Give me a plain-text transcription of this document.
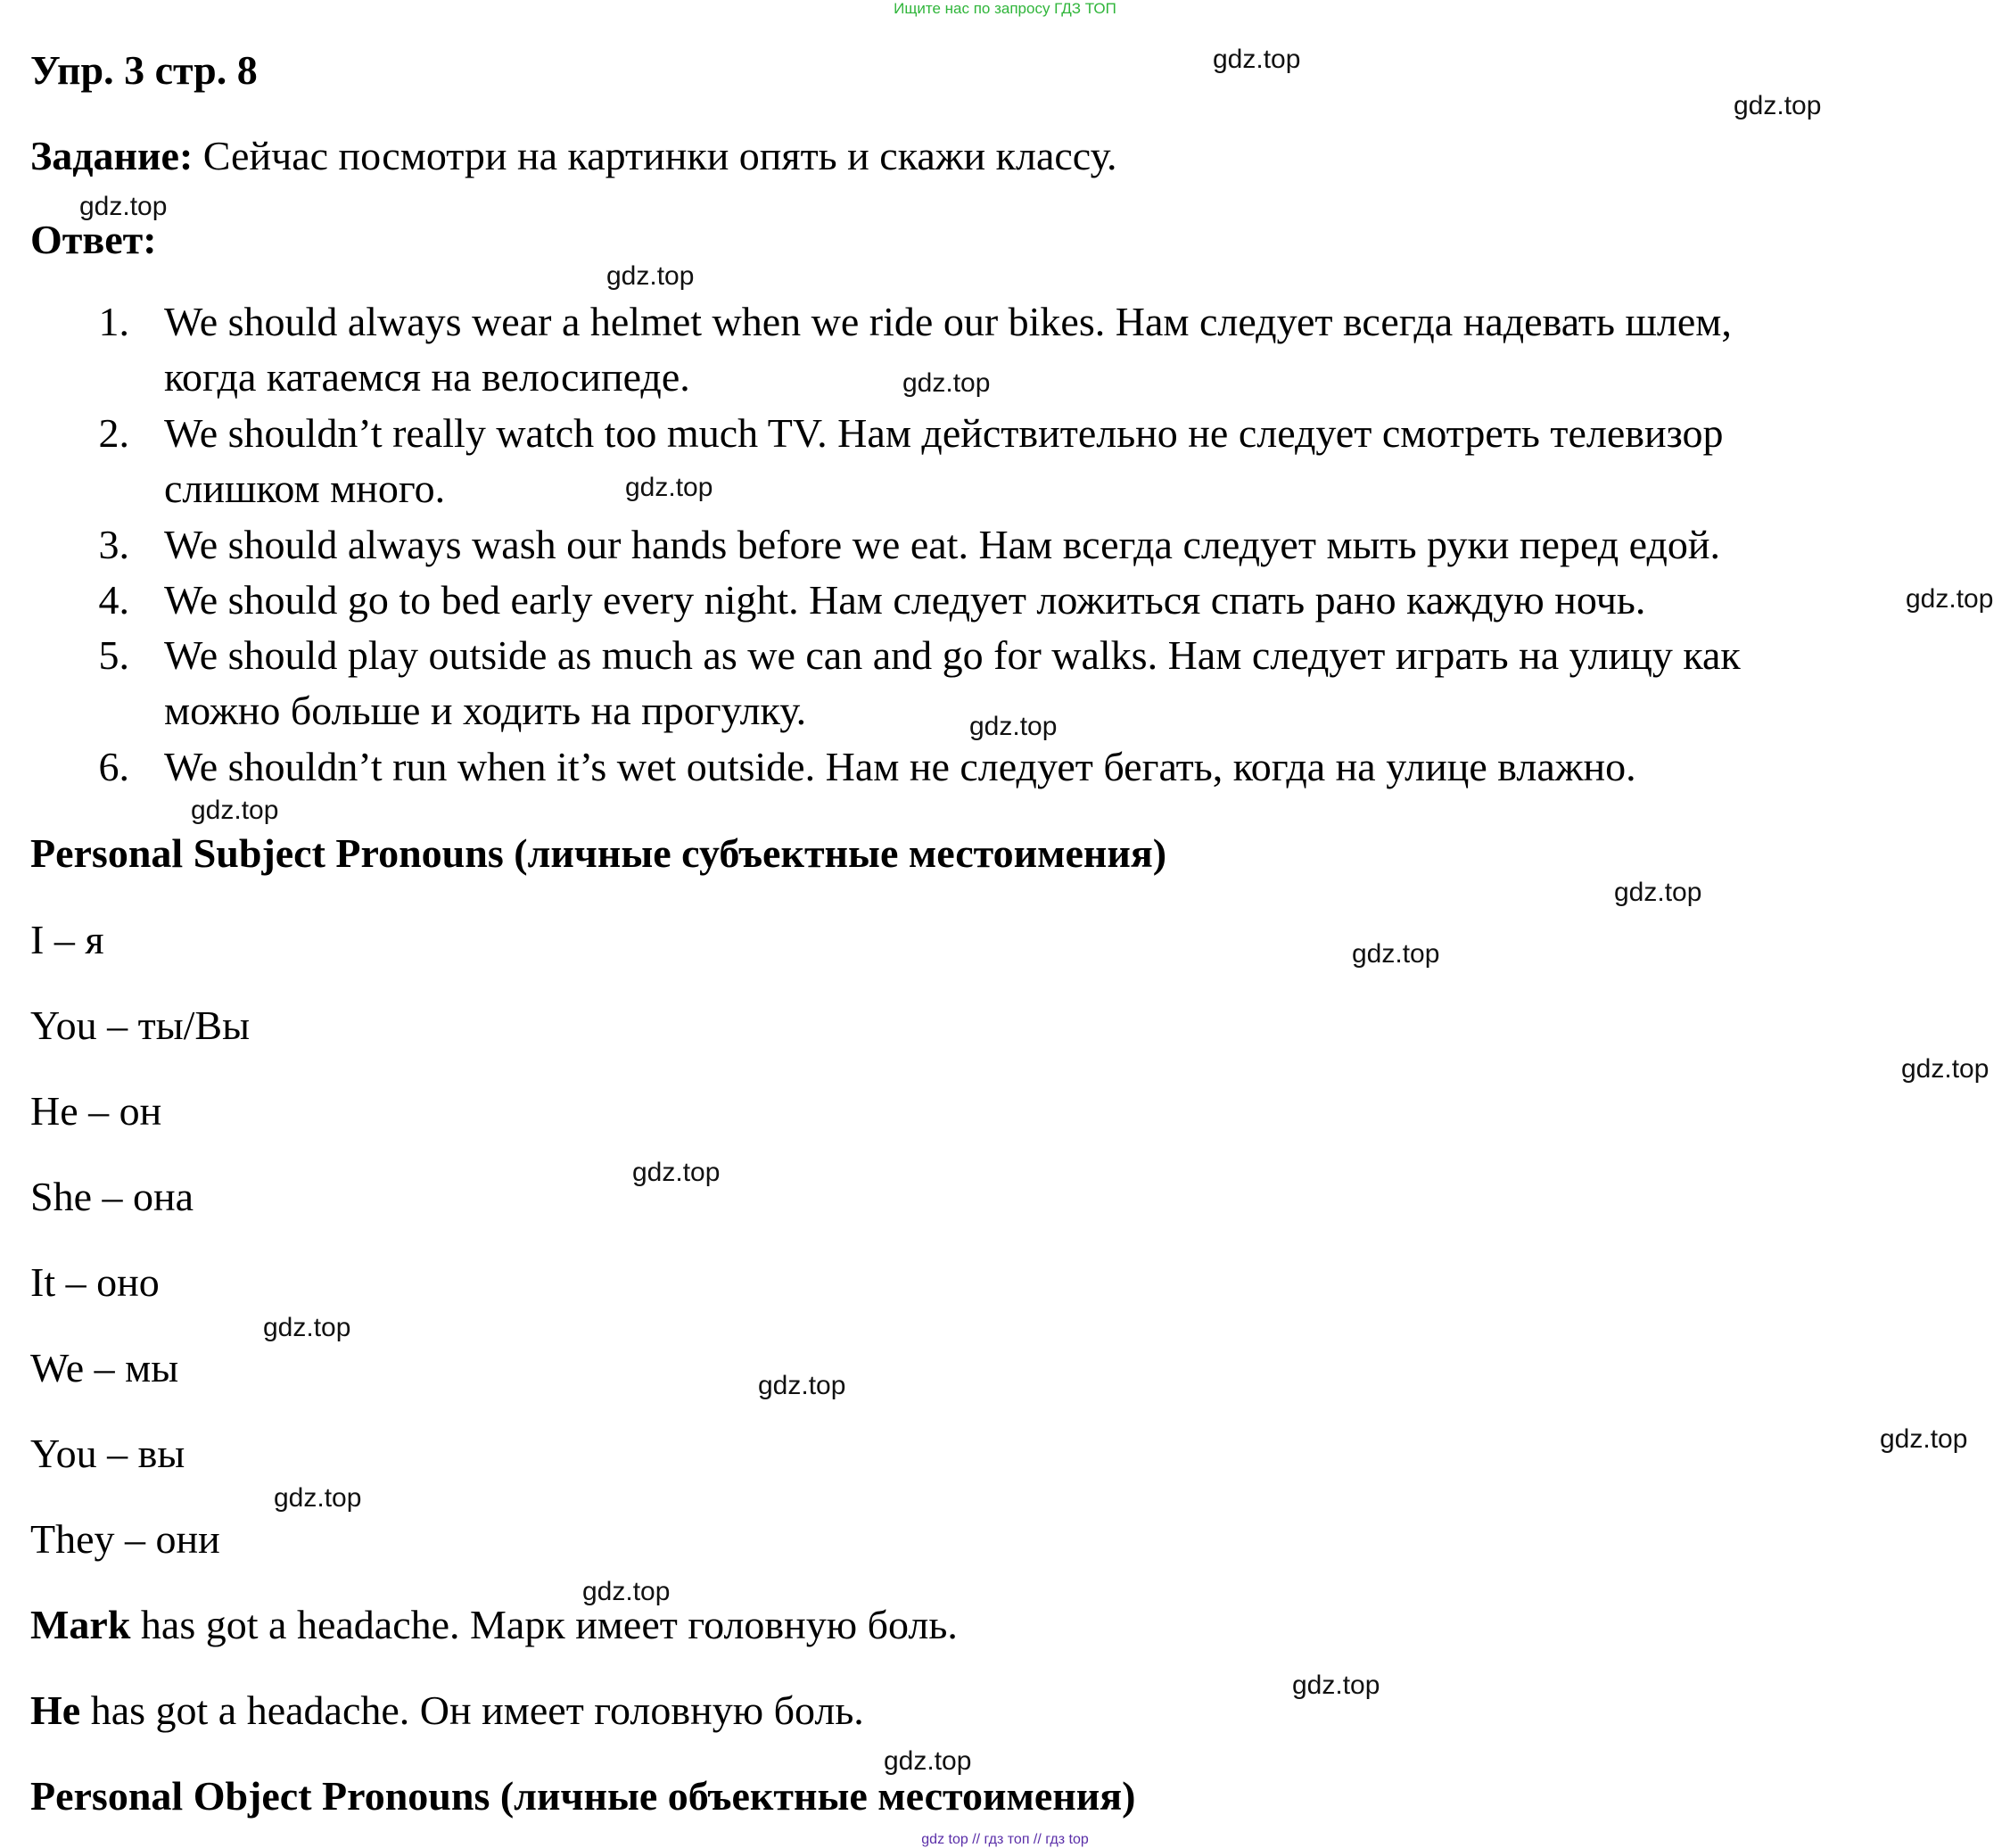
Ищите нас по запросу ГДЗ ТОП
Упр. 3 стр. 8
Задание: Сейчас посмотри на картинки опять и скажи классу.
Ответ:
1. We should always wear a helmet when we ride our bikes. Нам следует всегда надевать шлем,
когда катаемся на велосипеде.
2. We shouldn’t really watch too much TV. Нам действительно не следует смотреть телевизор
слишком много.
3. We should always wash our hands before we eat. Нам всегда следует мыть руки перед едой.
4. We should go to bed early every night. Нам следует ложиться спать рано каждую ночь.
5. We should play outside as much as we can and go for walks. Нам следует играть на улицу как
можно больше и ходить на прогулку.
6. We shouldn’t run when it’s wet outside. Нам не следует бегать, когда на улице влажно.
Personal Subject Pronouns (личные субъектные местоимения)
I – я
You – ты/Вы
He – он
She – она
It – оно
We – мы
You – вы
They – они
Mark has got a headache. Марк имеет головную боль.
He has got a headache. Он имеет головную боль.
Personal Object Pronouns (личные объектные местоимения)
gdz.top
gdz.top
gdz.top
gdz.top
gdz.top
gdz.top
gdz.top
gdz.top
gdz.top
gdz.top
gdz.top
gdz.top
gdz.top
gdz.top
gdz.top
gdz.top
gdz.top
gdz.top
gdz.top
gdz.top
gdz top // гдз топ // гдз top
